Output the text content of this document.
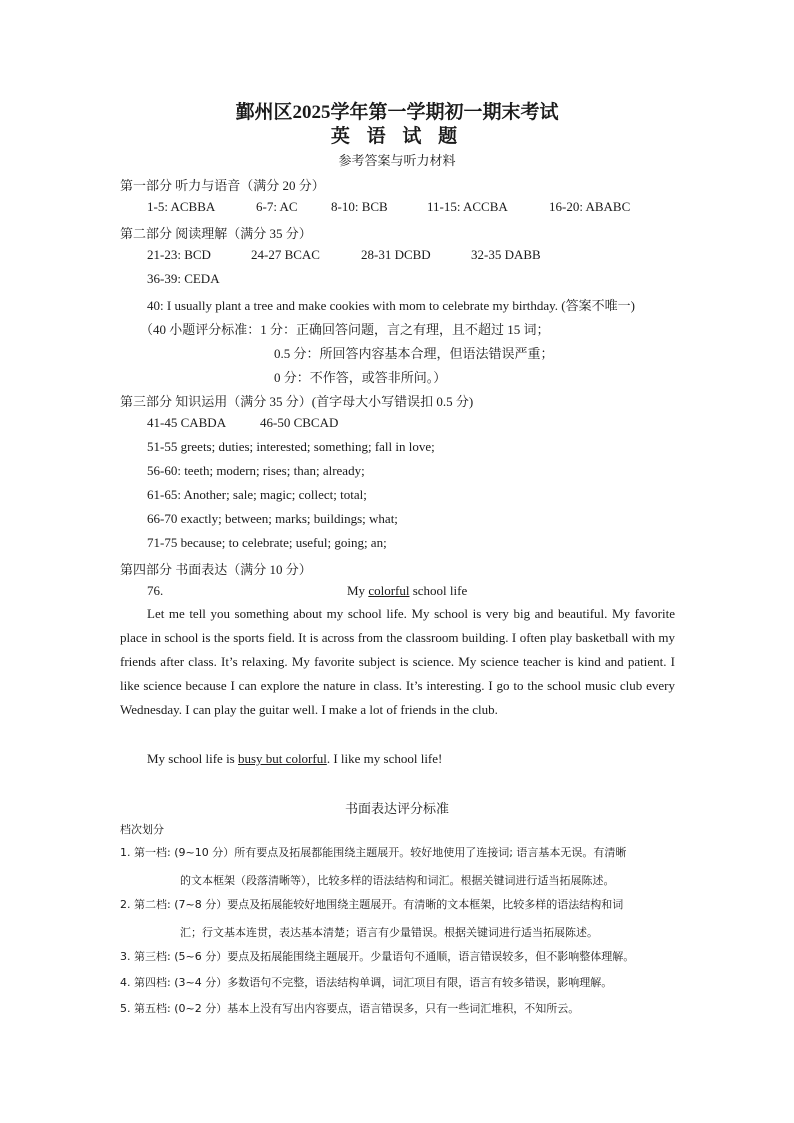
鄞州区2025学年第一学期初一期末考试
英 语 试 题
参考答案与听力材料
第一部分 听力与语音（满分 20 分）
1-5: ACBBA	6-7: AC	8-10: BCB	11-15: ACCBA	16-20: ABABC
第二部分 阅读理解（满分 35 分）
21-23: BCD	24-27 BCAC	28-31 DCBD	32-35 DABB
36-39: CEDA
40: I usually plant a tree and make cookies with mom to celebrate my birthday. (答案不唯一)
（40 小题评分标准：1 分：正确回答问题，言之有理，且不超过 15 词；
0.5 分：所回答内容基本合理，但语法错误严重；
0 分：不作答，或答非所问。）
第三部分 知识运用（满分 35 分）(首字母大小写错误扣 0.5 分)
41-45 CABDA	46-50 CBCAD
51-55 greets; duties; interested; something; fall in love;
56-60: teeth; modern; rises; than; already;
61-65: Another; sale; magic; collect; total;
66-70 exactly; between; marks; buildings; what;
71-75 because; to celebrate; useful; going; an;
第四部分 书面表达（满分 10 分）
76.	My colorful school life
Let me tell you something about my school life. My school is very big and beautiful. My favorite place in school is the sports field. It is across from the classroom building. I often play basketball with my friends after class. It’s relaxing. My favorite subject is science. My science teacher is kind and patient. I like science because I can explore the nature in class. It’s interesting. I go to the school music club every Wednesday. I can play the guitar well. I make a lot of friends in the club.
My school life is busy but colorful. I like my school life!
书面表达评分标准
档次划分
1. 第一档: (9~10 分）所有要点及拓展都能围绕主题展开。较好地使用了连接词; 语言基本无误。有清晰
的文本框架（段落清晰等），比较多样的语法结构和词汇。根据关键词进行适当拓展陈述。
2. 第二档: (7~8 分）要点及拓展能较好地围绕主题展开。有清晰的文本框架，比较多样的语法结构和词
汇；行文基本连贯，表达基本清楚；语言有少量错误。根据关键词进行适当拓展陈述。
3. 第三档: (5~6 分）要点及拓展能围绕主题展开。少量语句不通顺，语言错误较多，但不影响整体理解。
4. 第四档: (3~4 分）多数语句不完整，语法结构单调，词汇项目有限，语言有较多错误，影响理解。
5. 第五档: (0~2 分）基本上没有写出内容要点，语言错误多，只有一些词汇堆积，不知所云。
